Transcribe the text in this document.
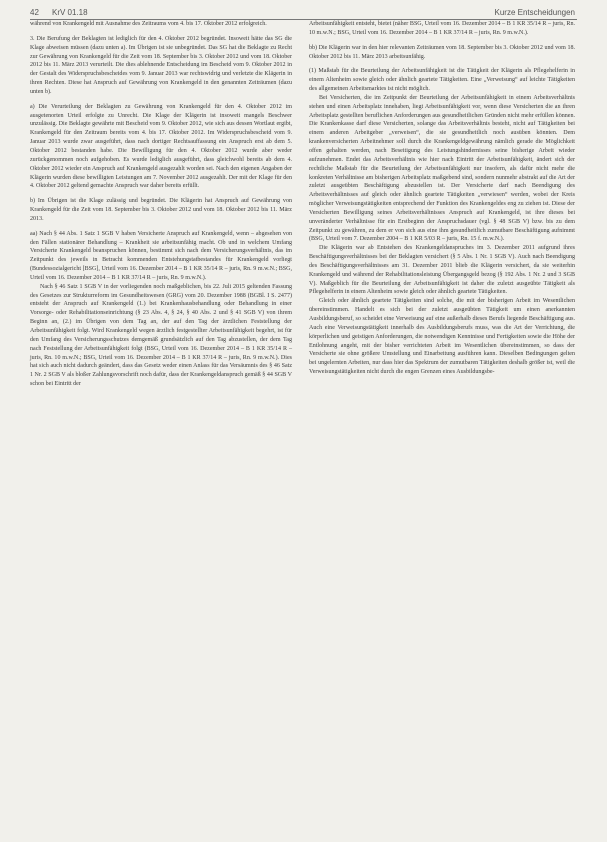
42 KrV 01.18	Kurze Entscheidungen

während von Krankengeld mit Ausnahme des Zeitraums vom 4. bis 17. Oktober 2012 erfolgreich.

3. Die Berufung der Beklagten ist lediglich für den 4. Oktober 2012 begründet. Insoweit hätte das SG die Klage abweisen müssen (dazu unten a). Im Übrigen ist sie unbegründet. Das SG hat die Beklagte zu Recht zur Gewährung von Krankengeld für die Zeit vom 18. September bis 3. Oktober 2012 und vom 18. Oktober 2012 bis 11. März 2013 verurteilt. Die dies ablehnende Entscheidung im Bescheid vom 9. Oktober 2012 in der Gestalt des Widerspruchsbescheides vom 9. Januar 2013 war rechtswidrig und verletzte die Klägerin in ihren Rechten. Diese hat Anspruch auf Gewährung von Krankengeld in den genannten Zeiträumen (dazu unten b).

a) Die Verurteilung der Beklagten zu Gewährung von Krankengeld für den 4. Oktober 2012 im ausgetenorten Urteil erfolgte zu Unrecht. Die Klage der Klägerin ist insoweit mangels Beschwer unzulässig. Die Beklagte gewährte mit Bescheid vom 9. Oktober 2012, wie sich aus dessen Wortlaut ergibt, Krankengeld für den Zeitraum bereits vom 4. bis 17. Oktober 2012. Im Widerspruchsbescheid vom 9. Januar 2013 wurde zwar ausgeführt, dass nach dortiger Rechtsauffassung ein Anspruch erst ab dem 5. Oktober 2012 bestanden habe. Die Bewilligung für den 4. Oktober 2012 wurde aber weder zurückgenommen noch aufgehoben. Es wurde lediglich ausgeführt, dass gleichwohl bereits ab dem 4. Oktober 2012 wieder ein Anspruch auf Krankengeld ausgezahlt worden sei. Nach den eigenen Angaben der Klägerin wurden diese bewilligten Leistungen am 7. November 2012 ausgezahlt. Der mit der Klage für den 4. Oktober 2012 geltend gemachte Anspruch war daher bereits erfüllt.

b) Im Übrigen ist die Klage zulässig und begründet. Die Klägerin hat Anspruch auf Gewährung von Krankengeld für die Zeit vom 18. September bis 3. Oktober 2012 und vom 18. Oktober 2012 bis 11. März 2013.

aa) Nach § 44 Abs. 1 Satz 1 SGB V haben Versicherte Anspruch auf Krankengeld, wenn – abgesehen von den Fällen stationärer Behandlung – Krankheit sie arbeitsunfähig macht. Ob und in welchem Umfang Versicherte Krankengeld beanspruchen können, bestimmt sich nach dem Versicherungsverhältnis, das im Zeitpunkt des jeweils in Betracht kommenden Entstehungstatbestandes für Krankengeld vorliegt (Bundessozialgericht [BSG], Urteil vom 16. Dezember 2014 – B 1 KR 35/14 R – juris, Rn. 9 m.w.N.; BSG, Urteil vom 16. Dezember 2014 – B 1 KR 37/14 R – juris, Rn. 9 m.w.N.).

Nach § 46 Satz 1 SGB V in der vorliegenden noch maßgeblichen, bis 22. Juli 2015 geltenden Fassung des Gesetzes zur Strukturreform im Gesundheitswesen (GRG) vom 20. Dezember 1988 (BGBl. I S. 2477) entsteht der Anspruch auf Krankengeld (1.) bei Krankenhausbehandlung oder Behandlung in einer Vorsorge- oder Rehabilitationseinrichtung (§ 23 Abs. 4, § 24, § 40 Abs. 2 und § 41 SGB V) von ihrem Beginn an, (2.) im Übrigen von dem Tag an, der auf den Tag der ärztlichen Feststellung der Arbeitsunfähigkeit folgt. Wird Krankengeld wegen ärztlich festgestellter Arbeitsunfähigkeit begehrt, ist für den Umfang des Versicherungsschutzes demgemäß grundsätzlich auf den Tag abzustellen, der dem Tag nach Feststellung der Arbeitsunfähigkeit folgt (BSG, Urteil vom 16. Dezember 2014 – B 1 KR 35/14 R – juris, Rn. 10 m.w.N.; BSG, Urteil vom 16. Dezember 2014 – B 1 KR 37/14 R – juris, Rn. 9 m.w.N.). Dies hat sich auch nicht dadurch geändert, dass das Gesetz weder einen Anlass für das Versäumnis des § 46 Satz 1 Nr. 2 SGB V als bloßer Zahlungsvorschrift noch dafür, dass der Krankengeldanspruch gemäß § 44 SGB V schon bei Eintritt der

Arbeitsunfähigkeit entsteht, bietet (näher BSG, Urteil vom 16. Dezember 2014 – B 1 KR 35/14 R – juris, Rn. 10 m.w.N.; BSG, Urteil vom 16. Dezember 2014 – B 1 KR 37/14 R – juris, Rn. 9 m.w.N.).

bb) Die Klägerin war in den hier relevanten Zeiträumen vom 18. September bis 3. Oktober 2012 und vom 18. Oktober 2012 bis 11. März 2013 arbeitsunfähig.

(1) Maßstab für die Beurteilung der Arbeitsunfähigkeit ist die Tätigkeit der Klägerin als Pflegehelferin in einem Altenheim sowie gleich oder ähnlich geartete Tätigkeiten. Eine „Verweisung“ auf leichte Tätigkeiten des allgemeinen Arbeitsmarktes ist nicht möglich.

Bei Versicherten, die im Zeitpunkt der Beurteilung der Arbeitsunfähigkeit in einem Arbeitsverhältnis stehen und einen Arbeitsplatz innehaben, liegt Arbeitsunfähigkeit vor, wenn diese Versicherten die an ihren Arbeitsplatz gestellten beruflichen Anforderungen aus gesundheitlichen Gründen nicht mehr erfüllen können. Die Krankenkasse darf diese Versicherten, solange das Arbeitsverhältnis besteht, nicht auf Tätigkeiten bei einem anderen Arbeitgeber „verweisen“, die sie gesundheitlich noch ausüben könnten. Dem krankenversicherten Arbeitnehmer soll durch die Krankengeldgewährung nämlich gerade die Möglichkeit offen gehalten werden, nach Beseitigung des Leistungshindernisses seine bisherige Arbeit wieder aufzunehmen. Endet das Arbeitsverhältnis wie hier nach Eintritt der Arbeitsunfähigkeit, ändert sich der rechtliche Maßstab für die Beurteilung der Arbeitsunfähigkeit nur insofern, als dafür nicht mehr die konkreten Verhältnisse am bisherigen Arbeitsplatz maßgebend sind, sondern nunmehr abstrakt auf die Art der zuletzt ausgeübten Beschäftigung abzustellen ist. Der Versicherte darf nach Beendigung des Arbeitsverhältnisses auf gleich oder ähnlich geartete Tätigkeiten „verwiesen“ werden, wobei der Kreis möglicher Verweisungstätigkeiten entsprechend der Funktion des Krankengeldes eng zu ziehen ist. Diese der Versicherten Bewilligung seines Arbeitsverhältnisses Anspruch auf Krankengeld, ist ihre dieses bei unveränderter Verhältnisse für ein Erstbeginn der Anspruchsdauer (vgl. § 48 SGB V) bzw. bis zu dem Zeitpunkt zu gewähren, zu dem er von sich aus eine ihm gesundheitlich zumutbare Beschäftigung aufnimmt (BSG, Urteil vom 7. Dezember 2004 – B 1 KR 5/03 R – juris, Rn. 15 f. m.w.N.).

Die Klägerin war ab Entstehen des Krankengeldanspruches im 3. Dezember 2011 aufgrund ihres Beschäftigungsverhältnisses bei der Beklagten versichert (§ 5 Abs. 1 Nr. 1 SGB V). Auch nach Beendigung des Beschäftigungsverhältnisses am 31. Dezember 2011 blieb die Klägerin versichert, da sie weiterhin Krankengeld und während der Rehabilitationsleistung Übergangsgeld bezog (§ 192 Abs. 1 Nr. 2 und 3 SGB V). Maßgeblich für die Beurteilung der Arbeitsunfähigkeit ist daher die zuletzt ausgeübte Tätigkeit als Pflegehelferin in einem Altenheim sowie gleich oder ähnlich geartete Tätigkeiten.

Gleich oder ähnlich geartete Tätigkeiten sind solche, die mit der bisherigen Arbeit im Wesentlichen übereinstimmen. Handelt es sich bei der zuletzt ausgeübten Tätigkeit um einen anerkannten Ausbildungsberuf, so scheidet eine Verweisung auf eine außerhalb dieses Berufs liegende Beschäftigung aus. Auch eine Verweisungstätigkeit innerhalb des Ausbildungsberufs muss, was die Art der Verrichtung, die körperlichen und geistigen Anforderungen, die notwendigen Kenntnisse und Fertigkeiten sowie die Höhe der Entlohnung angeht, mit der bisher verrichteten Arbeit im Wesentlichen übereinstimmen, so dass der Versicherte sie ohne größere Umstellung und Einarbeitung ausführen kann. Dieselben Bedingungen gelten bei ungelernten Arbeiten, nur dass hier das Spektrum der zumutbaren Tätigkeiten deshalb größer ist, weil die Verweisungstätigkeiten nicht durch die engen Grenzen eines Ausbildungsbe-
